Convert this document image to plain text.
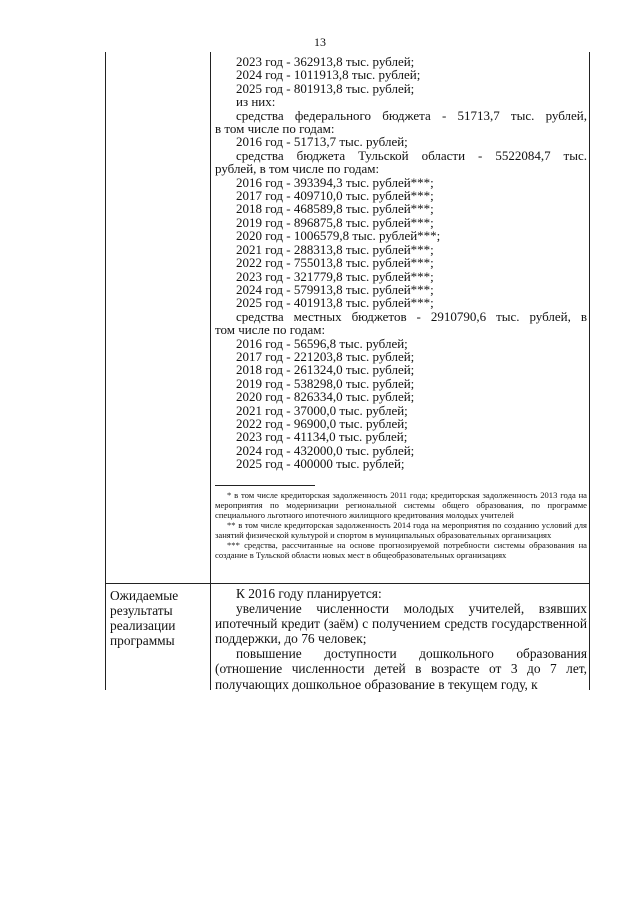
13

2023 год - 362913,8 тыс. рублей;

2024 год - 1011913,8 тыс. рублей;

2025 год - 801913,8 тыс. рублей;

из них:

средства федерального бюджета - 51713,7 тыс. рублей,

в том числе по годам:

2016 год - 51713,7 тыс. рублей;

средства бюджета Тульской области - 5522084,7 тыс.

рублей, в том числе по годам:

2016 год - 393394,3 тыс. рублей***;

2017 год - 409710,0 тыс. рублей***;

2018 год - 468589,8 тыс. рублей***;

2019 год - 896875,8 тыс. рублей***;

2020 год - 1006579,8 тыс. рублей***;

2021 год - 288313,8 тыс. рублей***;

2022 год - 755013,8 тыс. рублей***;

2023 год - 321779,8 тыс. рублей***;

2024 год - 579913,8 тыс. рублей***;

2025 год - 401913,8 тыс. рублей***;

средства местных бюджетов - 2910790,6 тыс. рублей, в

том числе по годам:

2016 год - 56596,8 тыс. рублей;

2017 год - 221203,8 тыс. рублей;

2018 год - 261324,0 тыс. рублей;

2019 год - 538298,0 тыс. рублей;

2020 год - 826334,0 тыс. рублей;

2021 год - 37000,0 тыс. рублей;

2022 год - 96900,0 тыс. рублей;

2023 год - 41134,0 тыс. рублей;

2024 год - 432000,0 тыс. рублей;

2025 год - 400000 тыс. рублей;

* в том числе кредиторская задолженность 2011 года; кредиторская задолженность 2013 года на мероприятия по модернизации региональной системы общего образования, по программе специального льготного ипотечного жилищного кредитования молодых учителей

** в том числе кредиторская задолженность 2014 года на мероприятия по созданию условий для занятий физической культурой и спортом в муниципальных образовательных организациях

*** средства, рассчитанные на основе прогнозируемой потребности системы образования на создание в Тульской области новых мест в общеобразовательных организациях

Ожидаемые
результаты
реализации
программы

К 2016 году планируется:

увеличение численности молодых учителей, взявших ипотечный кредит (заём) с получением средств государственной поддержки, до 76 человек;

повышение доступности дошкольного образования (отношение численности детей в возрасте от 3 до 7 лет, получающих дошкольное образование в текущем году, к
